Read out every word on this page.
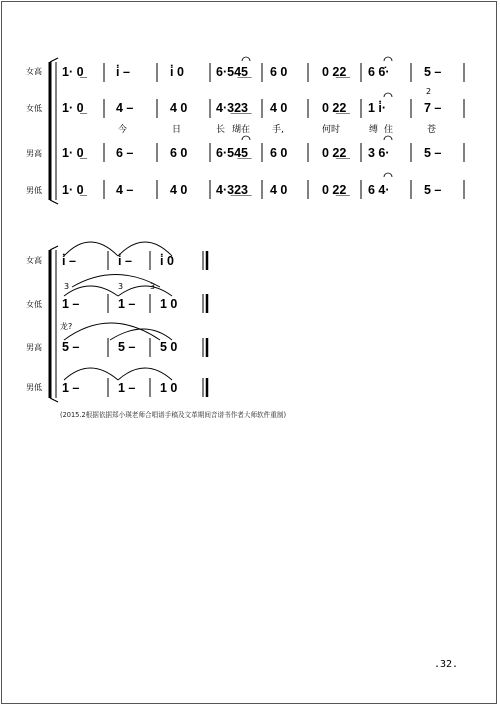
女高
女低
男高
男低
1· 0̲	i̇ –	i̇ 0	6·54̲5̲ 6 0	0 2̲2̲ 6 6̇·	5 –
1· 0̲	4 –	4 0 4·3̲2̲3̲ 4 0	0 2̲2̲ 1 i̇·	7 –
2
今	日	长 瑚在 手,	何时	缚 住	苍
1· 0̲	6 –	6 0 6·54̲5̲ 6 0	0 2̲2̲ 3 6·	5 –
1· 0̲	4 –	4 0 4·3̲2̲3̲ 4 0	0 2̲2̲ 6 4·	5 –
女高
女低
男高
男低
i̇ –	i̇ – i̇ 0
3	3	3
1 –	1 – 1 0
龙?
5 –	5 – 5 0
1 –	1 – 1 0
(2015.2根据依据郑小瑛老师合唱谱手稿及文革期间音谱书作者大师软件重制)
.32.
